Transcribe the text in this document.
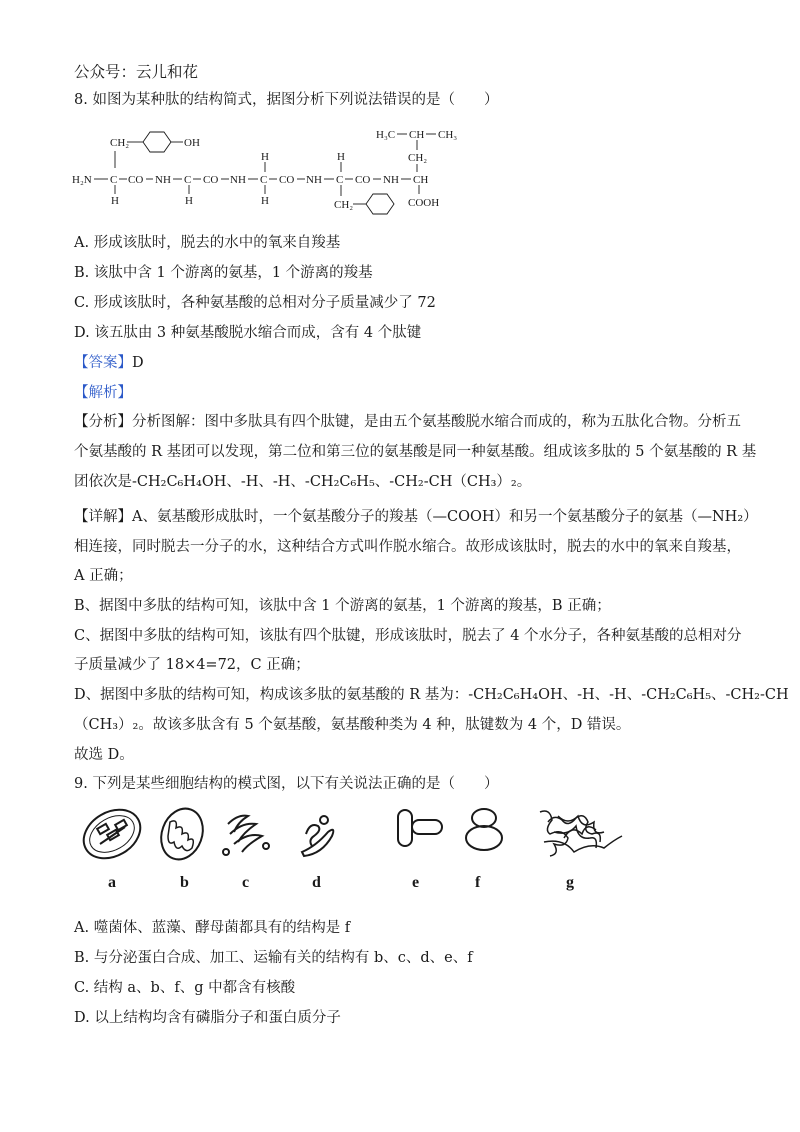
公众号：云儿和花
8. 如图为某种肽的结构简式，据图分析下列说法错误的是（　　）
CH₂	OH
H₂N C CO NH C CO NH C CO NH C CO NH CH
H	H
H
H
H
CH₂
H₃C CH CH₃
CH₂
COOH
A. 形成该肽时，脱去的水中的氧来自羧基
B. 该肽中含 1 个游离的氨基，1 个游离的羧基
C. 形成该肽时，各种氨基酸的总相对分子质量减少了 72
D. 该五肽由 3 种氨基酸脱水缩合而成，含有 4 个肽键
【答案】D
【解析】
【分析】分析图解：图中多肽具有四个肽键，是由五个氨基酸脱水缩合而成的，称为五肽化合物。分析五
个氨基酸的 R 基团可以发现，第二位和第三位的氨基酸是同一种氨基酸。组成该多肽的 5 个氨基酸的 R 基
团依次是-CH₂C₆H₄OH、-H、-H、-CH₂C₆H₅、-CH₂-CH（CH₃）₂。
【详解】A、氨基酸形成肽时，一个氨基酸分子的羧基（—COOH）和另一个氨基酸分子的氨基（—NH₂）
相连接，同时脱去一分子的水，这种结合方式叫作脱水缩合。故形成该肽时，脱去的水中的氧来自羧基，
A 正确；
B、据图中多肽的结构可知，该肽中含 1 个游离的氨基，1 个游离的羧基，B 正确；
C、据图中多肽的结构可知，该肽有四个肽键，形成该肽时，脱去了 4 个水分子，各种氨基酸的总相对分
子质量减少了 18×4=72，C 正确；
D、据图中多肽的结构可知，构成该多肽的氨基酸的 R 基为：-CH₂C₆H₄OH、-H、-H、-CH₂C₆H₅、-CH₂-CH
（CH₃）₂。故该多肽含有 5 个氨基酸，氨基酸种类为 4 种，肽键数为 4 个，D 错误。
故选 D。
9. 下列是某些细胞结构的模式图，以下有关说法正确的是（　　）
a	b	c	d	e	f	g
A. 噬菌体、蓝藻、酵母菌都具有的结构是 f
B. 与分泌蛋白合成、加工、运输有关的结构有 b、c、d、e、f
C. 结构 a、b、f、g 中都含有核酸
D. 以上结构均含有磷脂分子和蛋白质分子
